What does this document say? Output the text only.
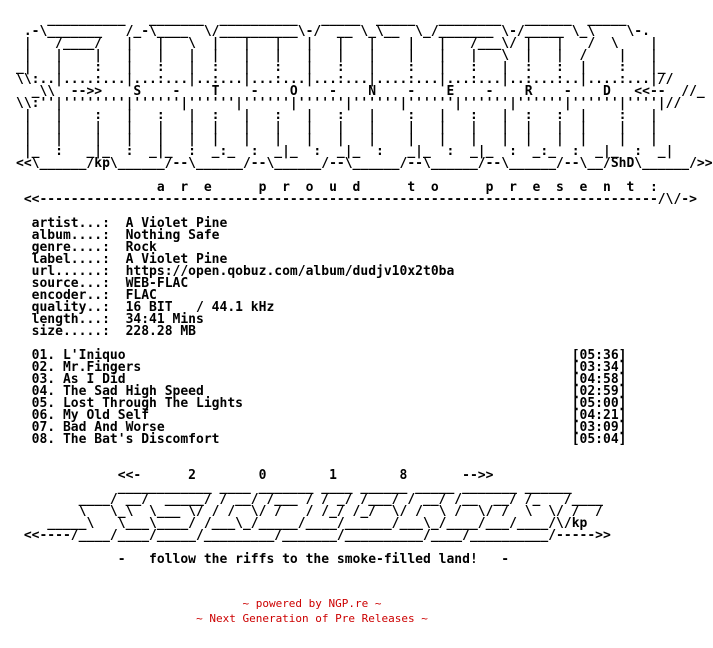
__________   _______  __________   _____  _____   ________   ______  _____
.-\_______   /_-\____  \/__________\-/  __ \_\__  \_/_______ \-/_____ \_\    \-.
|   /____/   |   |   \  |   |   |   |   |   |    |   |   /___\/ |   |   /  \    |
|   |    |   |   |   |  |   |   |   |   |   |    |   |   |   \  |   |  /    |   |
_|   |    :   |   :   |  :   |   :   |   :   |    :   |   :   |  :   :  |    :   |_
\\:..|....:...|...:...|..:...|...:...|...:...|....:...|...:...|..:...:..|....:...|//
_\\  -->>    S    -    T    -    O    -    N    -    E    -    R    -    D   <<--  //_
\\:''|''''''''|''''''|''''''|''''''|''''''|''''''|''''''|''''''|''''''|''''''|''''|//
|   |    :   |   :   |  :   |   :   |   :   |    :   |   :   |  :   :  |    :   |
|   |    |   |   |   |  |   |   |   |   |   |    |   |   |   |  |   |  |    |   |
|   |    |   |   |   |  |   |   |   |   |   |    |   |   |   |  |   |  |    |   |
|_  :   _|_  :  _|_  :  _:_  :  _|_  :  _|_  :   _|_  :  _|_  :  _:_  :  _|_  :  _|
<<\______/kp\______/--\______/--\______/--\______/--\______/--\______/--\__/ShD\______/>>

a  r  e      p  r  o  u  d      t  o      p  r  e  s  e  n  t  :
<<-------------------------------------------------------------------------------/\/->

artist...:  A Violet Pine
album....:  Nothing Safe
genre....:  Rock
label....:  A Violet Pine
url......:  https://open.qobuz.com/album/dudjv10x2t0ba
source...:  WEB-FLAC
encoder..:  FLAC
quality..:  16 BIT   / 44.1 kHz
length...:  34:41 Mins
size.....:  228.28 MB

01. L'Iniquo                                                         [05:36]
02. Mr.Fingers                                                       [03:34]
03. As I Did                                                         [04:58]
04. The Sad High Speed                                               [02:59]
05. Lost Through The Lights                                          [05:00]
06. My Old Self                                                      [04:21]
07. Bad And Worse                                                    [03:09]
08. The Bat's Discomfort                                             [05:04]

<<-      2        0        1        8       -->>
____________ ____ _______ ____ ______ _____ _______ ______
____/ __/  _____/ / __/ /___ / / _/ /___/ / __/ /__  __/ /_   /____
\   \_\  \___ \/ / /  \/ /   / /_/ /_/  \/ /  \ /  \/ /  \  \/ /  /
_____\   \___\____/ /___\_/_____/____/______/___\_/____/___/____/\/kp
<<----/____/____/_____/_________/_______/__________/____/__________/----->>

-   follow the riffs to the smoke-filled land!   -
~ powered by NGP.re ~
~ Next Generation of Pre Releases ~
